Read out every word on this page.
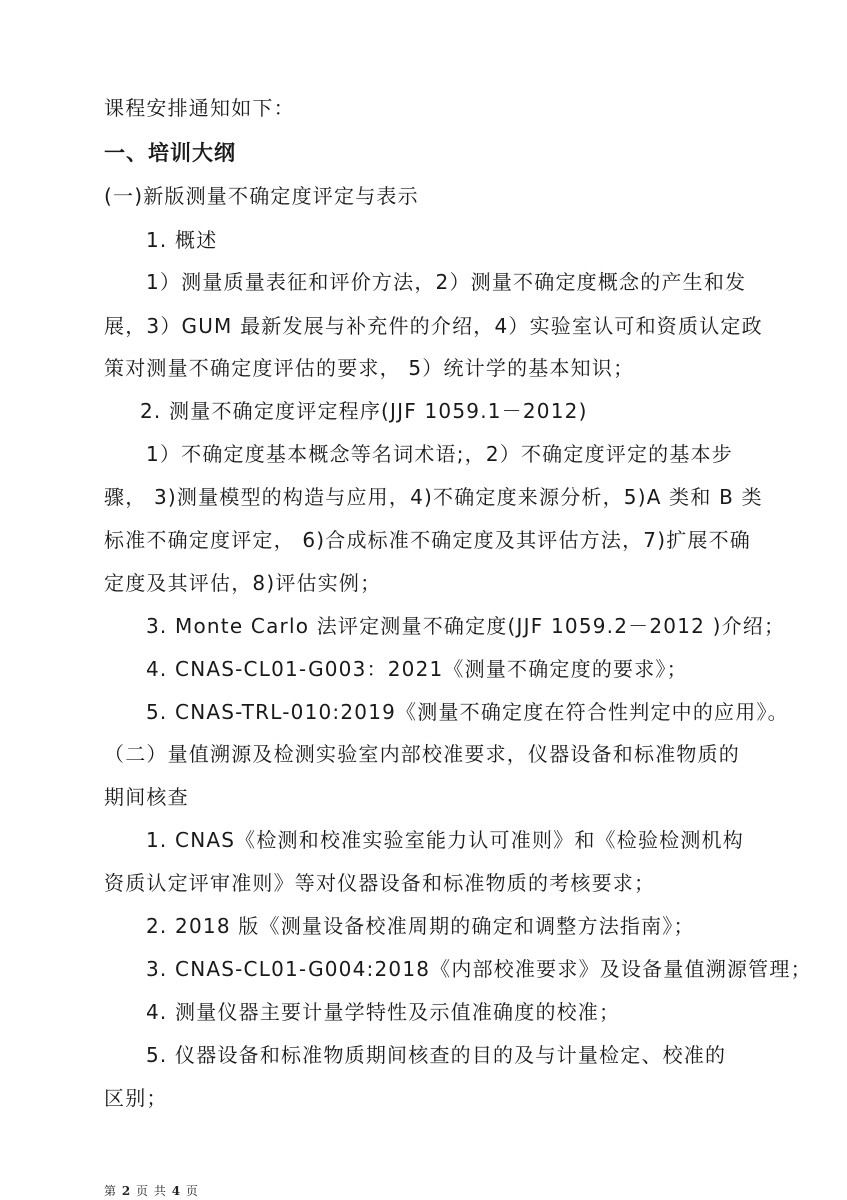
课程安排通知如下：
一、培训大纲
(一)新版测量不确定度评定与表示
1. 概述
1）测量质量表征和评价方法，2）测量不确定度概念的产生和发
展，3）GUM 最新发展与补充件的介绍，4）实验室认可和资质认定政
策对测量不确定度评估的要求， 5）统计学的基本知识；
2. 测量不确定度评定程序(JJF 1059.1－2012)
1）不确定度基本概念等名词术语;，2）不确定度评定的基本步
骤， 3)测量模型的构造与应用，4)不确定度来源分析，5)A 类和 B 类
标准不确定度评定， 6)合成标准不确定度及其评估方法，7)扩展不确
定度及其评估，8)评估实例；
3. Monte Carlo 法评定测量不确定度(JJF 1059.2－2012 )介绍；
4. CNAS-CL01-G003：2021《测量不确定度的要求》；
5. CNAS-TRL-010:2019《测量不确定度在符合性判定中的应用》。
（二）量值溯源及检测实验室内部校准要求，仪器设备和标准物质的
期间核查
1. CNAS《检测和校准实验室能力认可准则》和《检验检测机构
资质认定评审准则》等对仪器设备和标准物质的考核要求；
2. 2018 版《测量设备校准周期的确定和调整方法指南》；
3. CNAS-CL01-G004:2018《内部校准要求》及设备量值溯源管理；
4. 测量仪器主要计量学特性及示值准确度的校准；
5. 仪器设备和标准物质期间核查的目的及与计量检定、校准的
区别；
第 2 页 共 4 页
